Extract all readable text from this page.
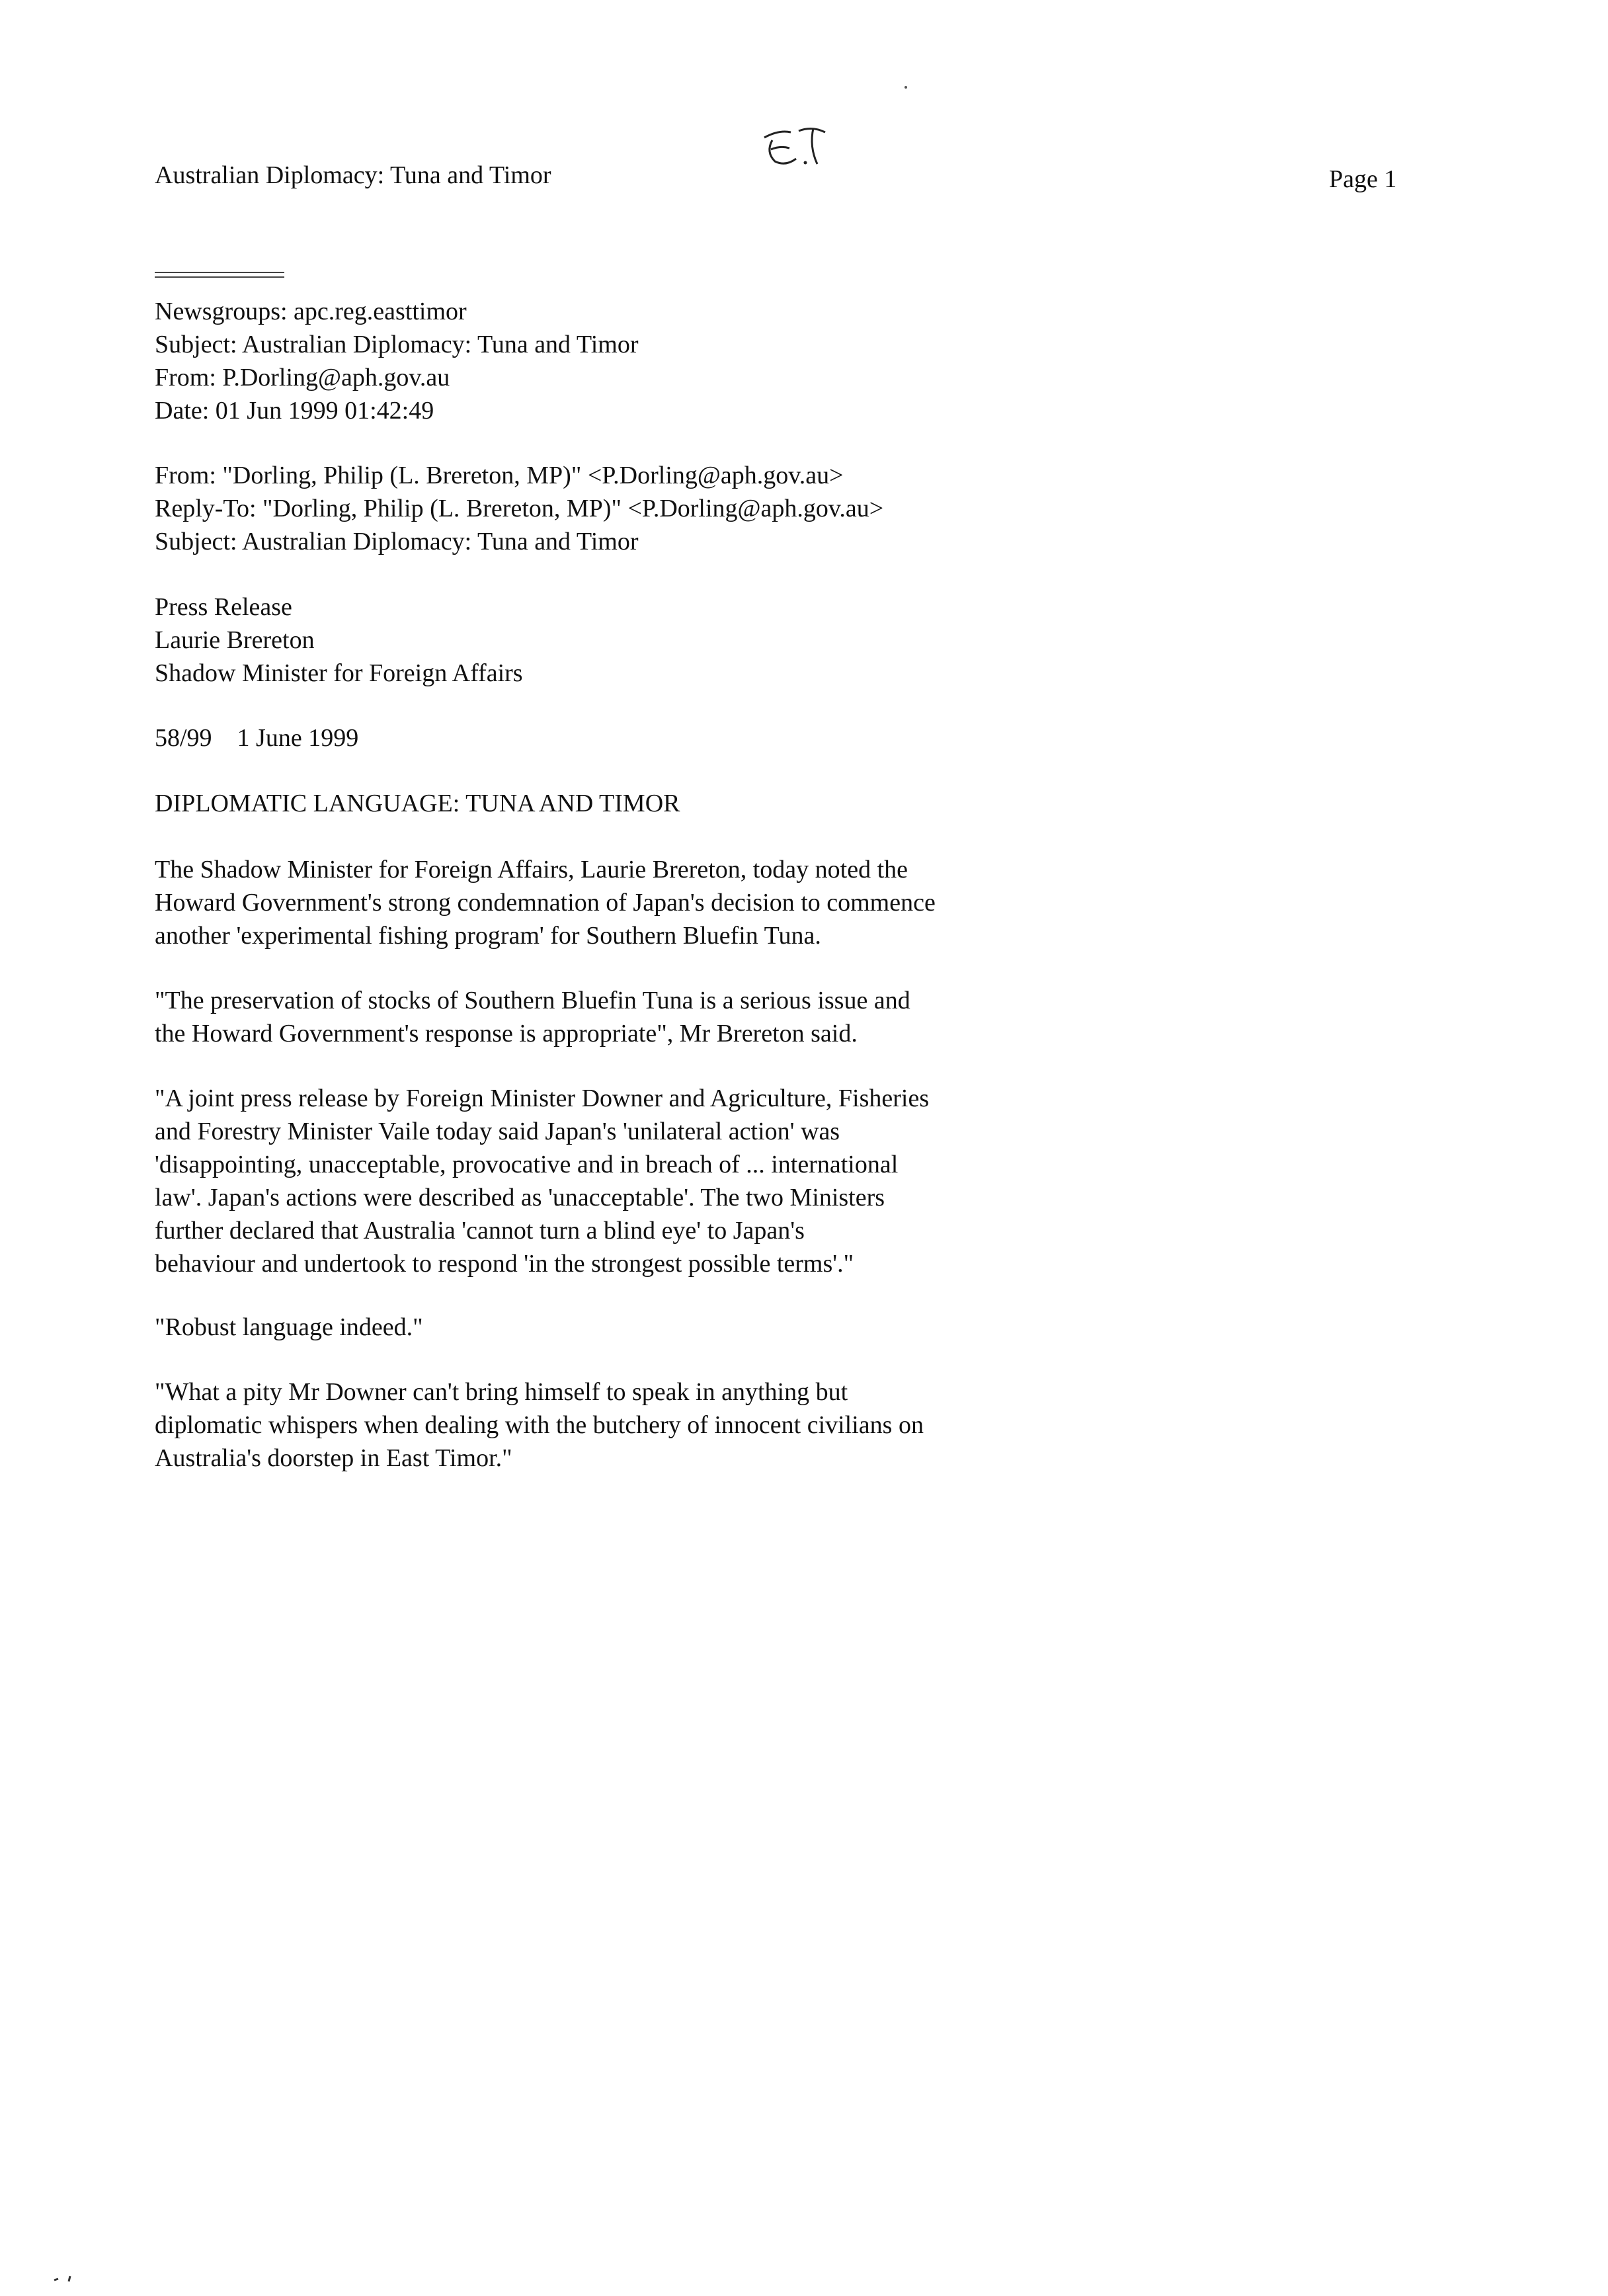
Australian Diplomacy: Tuna and Timor	Page 1

Newsgroups: apc.reg.easttimor

Subject: Australian Diplomacy: Tuna and Timor

From: P.Dorling@aph.gov.au

Date: 01 Jun 1999 01:42:49

From: "Dorling, Philip (L. Brereton, MP)" <P.Dorling@aph.gov.au>

Reply-To: "Dorling, Philip (L. Brereton, MP)" <P.Dorling@aph.gov.au>

Subject: Australian Diplomacy: Tuna and Timor

Press Release

Laurie Brereton

Shadow Minister for Foreign Affairs

58/99    1 June 1999

DIPLOMATIC LANGUAGE: TUNA AND TIMOR

The Shadow Minister for Foreign Affairs, Laurie Brereton, today noted the
Howard Government's strong condemnation of Japan's decision to commence
another 'experimental fishing program' for Southern Bluefin Tuna.

"The preservation of stocks of Southern Bluefin Tuna is a serious issue and
the Howard Government's response is appropriate", Mr Brereton said.

"A joint press release by Foreign Minister Downer and Agriculture, Fisheries
and Forestry Minister Vaile today said Japan's 'unilateral action' was
'disappointing, unacceptable, provocative and in breach of ... international
law'. Japan's actions were described as 'unacceptable'. The two Ministers
further declared that Australia 'cannot turn a blind eye' to Japan's
behaviour and undertook to respond 'in the strongest possible terms'."

"Robust language indeed."

"What a pity Mr Downer can't bring himself to speak in anything but
diplomatic whispers when dealing with the butchery of innocent civilians on
Australia's doorstep in East Timor."
